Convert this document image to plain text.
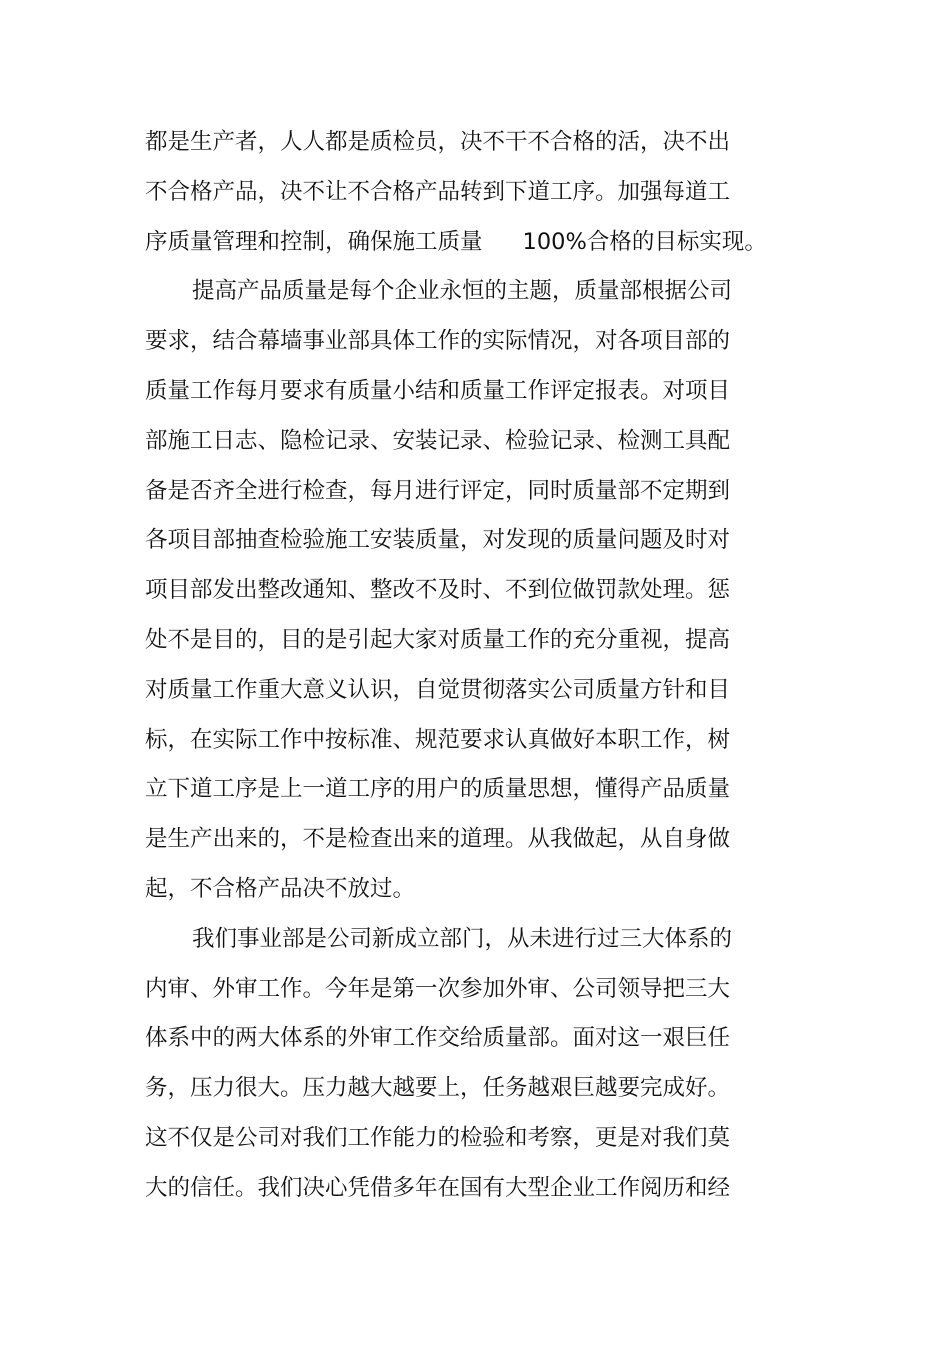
都是生产者，人人都是质检员，决不干不合格的活，决不出
不合格产品，决不让不合格产品转到下道工序。加强每道工
序质量管理和控制，确保施工质量 100%合格的目标实现。
提高产品质量是每个企业永恒的主题，质量部根据公司
要求，结合幕墙事业部具体工作的实际情况，对各项目部的
质量工作每月要求有质量小结和质量工作评定报表。对项目
部施工日志、隐检记录、安装记录、检验记录、检测工具配
备是否齐全进行检查，每月进行评定，同时质量部不定期到
各项目部抽查检验施工安装质量，对发现的质量问题及时对
项目部发出整改通知、整改不及时、不到位做罚款处理。惩
处不是目的，目的是引起大家对质量工作的充分重视，提高
对质量工作重大意义认识，自觉贯彻落实公司质量方针和目
标，在实际工作中按标准、规范要求认真做好本职工作，树
立下道工序是上一道工序的用户的质量思想，懂得产品质量
是生产出来的，不是检查出来的道理。从我做起，从自身做
起，不合格产品决不放过。
我们事业部是公司新成立部门，从未进行过三大体系的
内审、外审工作。今年是第一次参加外审、公司领导把三大
体系中的两大体系的外审工作交给质量部。面对这一艰巨任
务，压力很大。压力越大越要上，任务越艰巨越要完成好。
这不仅是公司对我们工作能力的检验和考察，更是对我们莫
大的信任。我们决心凭借多年在国有大型企业工作阅历和经
